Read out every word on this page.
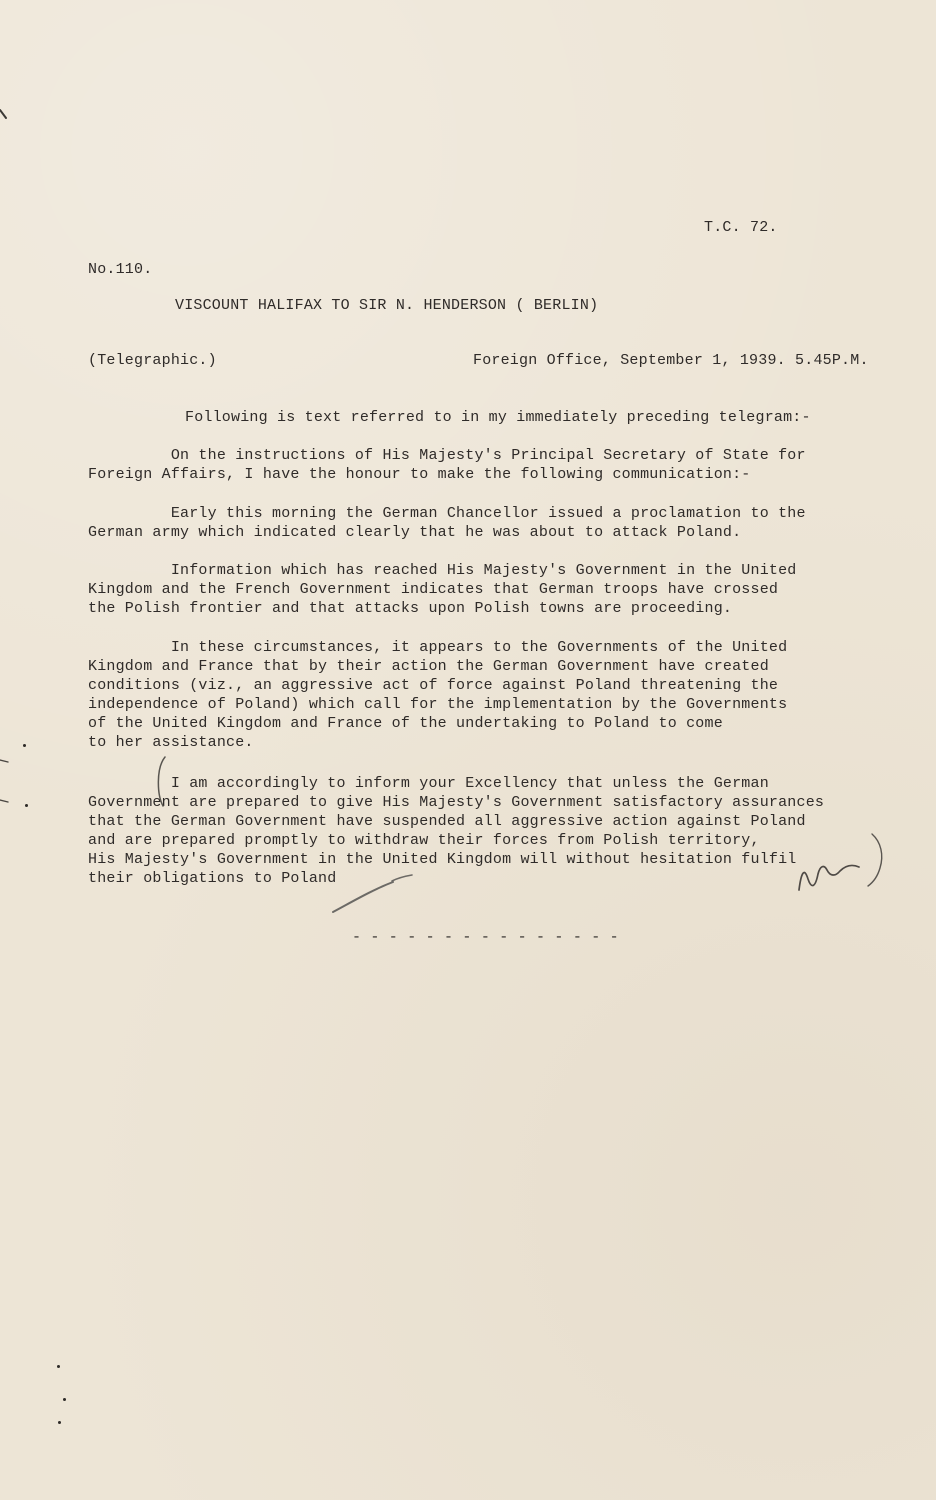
T.C. 72.
No.110.
VISCOUNT HALIFAX TO SIR N. HENDERSON ( BERLIN)
(Telegraphic.)	Foreign Office, September 1, 1939. 5.45P.M.
Following is text referred to in my immediately preceding telegram:-
On the instructions of His Majesty's Principal Secretary of State for
Foreign Affairs, I have the honour to make the following communication:-
Early this morning the German Chancellor issued a proclamation to the
German army which indicated clearly that he was about to attack Poland.
Information which has reached His Majesty's Government in the United
Kingdom and the French Government indicates that German troops have crossed
the Polish frontier and that attacks upon Polish towns are proceeding.
In these circumstances, it appears to the Governments of the United
Kingdom and France that by their action the German Government have created
conditions (viz., an aggressive act of force against Poland threatening the
independence of Poland) which call for the implementation by the Governments
of the United Kingdom and France of the undertaking to Poland to come
to her assistance.
I am accordingly to inform your Excellency that unless the German
Government are prepared to give His Majesty's Government satisfactory assurances
that the German Government have suspended all aggressive action against Poland
and are prepared promptly to withdraw their forces from Polish territory,
His Majesty's Government in the United Kingdom will without hesitation fulfil
their obligations to Poland
- - - - - - - - - - - - - - -
